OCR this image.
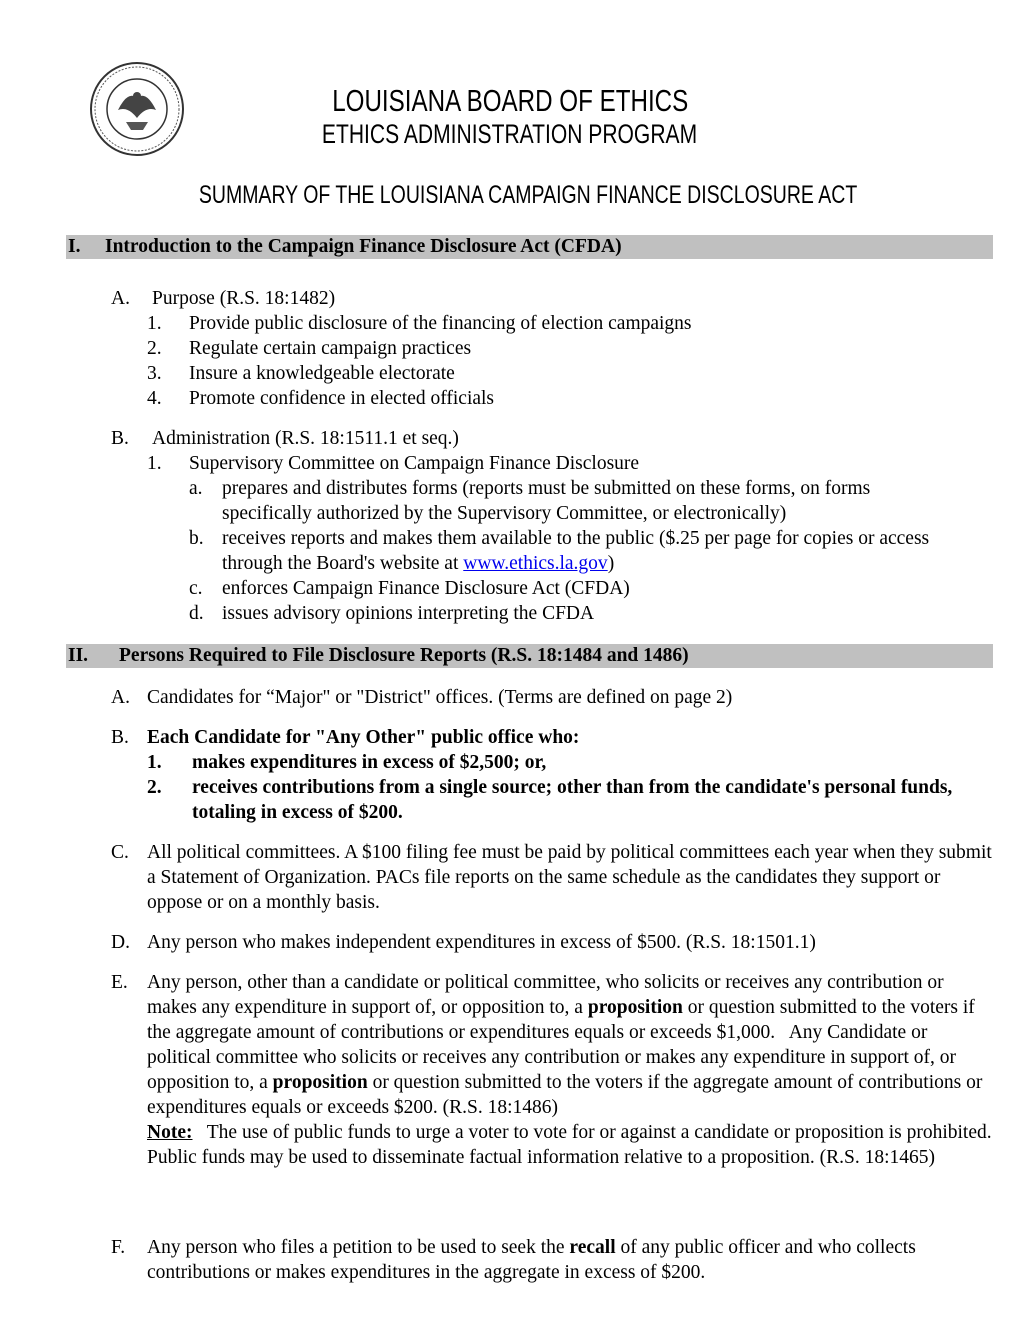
LOUISIANA BOARD OF ETHICS
ETHICS ADMINISTRATION PROGRAM
SUMMARY OF THE LOUISIANA CAMPAIGN FINANCE DISCLOSURE ACT
I. Introduction to the Campaign Finance Disclosure Act (CFDA)
A. Purpose (R.S. 18:1482)
1. Provide public disclosure of the financing of election campaigns
2. Regulate certain campaign practices
3. Insure a knowledgeable electorate
4. Promote confidence in elected officials
B. Administration (R.S. 18:1511.1 et seq.)
1. Supervisory Committee on Campaign Finance Disclosure
a. prepares and distributes forms (reports must be submitted on these forms, on forms specifically authorized by the Supervisory Committee, or electronically)
b. receives reports and makes them available to the public ($.25 per page for copies or access through the Board's website at www.ethics.la.gov)
c. enforces Campaign Finance Disclosure Act (CFDA)
d. issues advisory opinions interpreting the CFDA
II. Persons Required to File Disclosure Reports (R.S. 18:1484 and 1486)
A. Candidates for “Major" or "District" offices. (Terms are defined on page 2)
B. Each Candidate for "Any Other" public office who:
1. makes expenditures in excess of $2,500; or,
2. receives contributions from a single source; other than from the candidate's personal funds, totaling in excess of $200.
C. All political committees. A $100 filing fee must be paid by political committees each year when they submit a Statement of Organization. PACs file reports on the same schedule as the candidates they support or oppose or on a monthly basis.
D. Any person who makes independent expenditures in excess of $500. (R.S. 18:1501.1)
E. Any person, other than a candidate or political committee, who solicits or receives any contribution or makes any expenditure in support of, or opposition to, a proposition or question submitted to the voters if the aggregate amount of contributions or expenditures equals or exceeds $1,000.   Any Candidate or political committee who solicits or receives any contribution or makes any expenditure in support of, or opposition to, a proposition or question submitted to the voters if the aggregate amount of contributions or expenditures equals or exceeds $200. (R.S. 18:1486)
Note:   The use of public funds to urge a voter to vote for or against a candidate or proposition is prohibited.   Public funds may be used to disseminate factual information relative to a proposition. (R.S. 18:1465)
F. Any person who files a petition to be used to seek the recall of any public officer and who collects contributions or makes expenditures in the aggregate in excess of $200.
